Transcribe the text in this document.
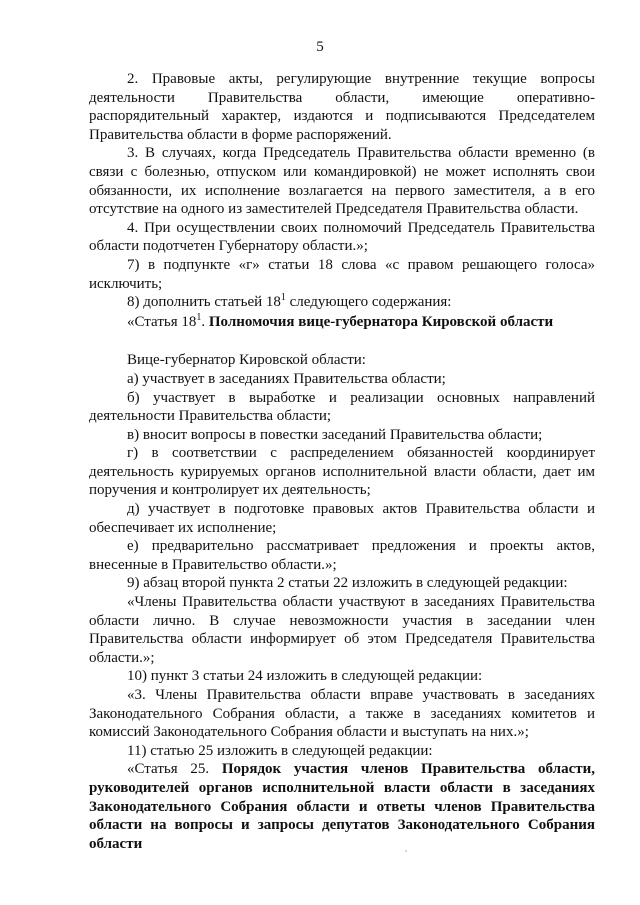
5

2. Правовые акты, регулирующие внутренние текущие вопросы деятельности Правительства области, имеющие оперативно-распорядительный характер, издаются и подписываются Председателем Правительства области в форме распоряжений.

3. В случаях, когда Председатель Правительства области временно (в связи с болезнью, отпуском или командировкой) не может исполнять свои обязанности, их исполнение возлагается на первого заместителя, а в его отсутствие на одного из заместителей Председателя Правительства области.

4. При осуществлении своих полномочий Председатель Правительства области подотчетен Губернатору области.»;

7) в подпункте «г» статьи 18 слова «с правом решающего голоса» исключить;

8) дополнить статьей $18^1$ следующего содержания:

«Статья $18^1$. Полномочия вице-губернатора Кировской области

Вице-губернатор Кировской области:

а) участвует в заседаниях Правительства области;

б) участвует в выработке и реализации основных направлений деятельности Правительства области;

в) вносит вопросы в повестки заседаний Правительства области;

г) в соответствии с распределением обязанностей координирует деятельность курируемых органов исполнительной власти области, дает им поручения и контролирует их деятельность;

д) участвует в подготовке правовых актов Правительства области и обеспечивает их исполнение;

е) предварительно рассматривает предложения и проекты актов, внесенные в Правительство области.»;

9) абзац второй пункта 2 статьи 22 изложить в следующей редакции:

«Члены Правительства области участвуют в заседаниях Правительства области лично. В случае невозможности участия в заседании член Правительства области информирует об этом Председателя Правительства области.»;

10) пункт 3 статьи 24 изложить в следующей редакции:

«3. Члены Правительства области вправе участвовать в заседаниях Законодательного Собрания области, а также в заседаниях комитетов и комиссий Законодательного Собрания области и выступать на них.»;

11) статью 25 изложить в следующей редакции:

«Статья 25. Порядок участия членов Правительства области, руководителей органов исполнительной власти области в заседаниях Законодательного Собрания области и ответы членов Правительства области на вопросы и запросы депутатов Законодательного Собрания области
